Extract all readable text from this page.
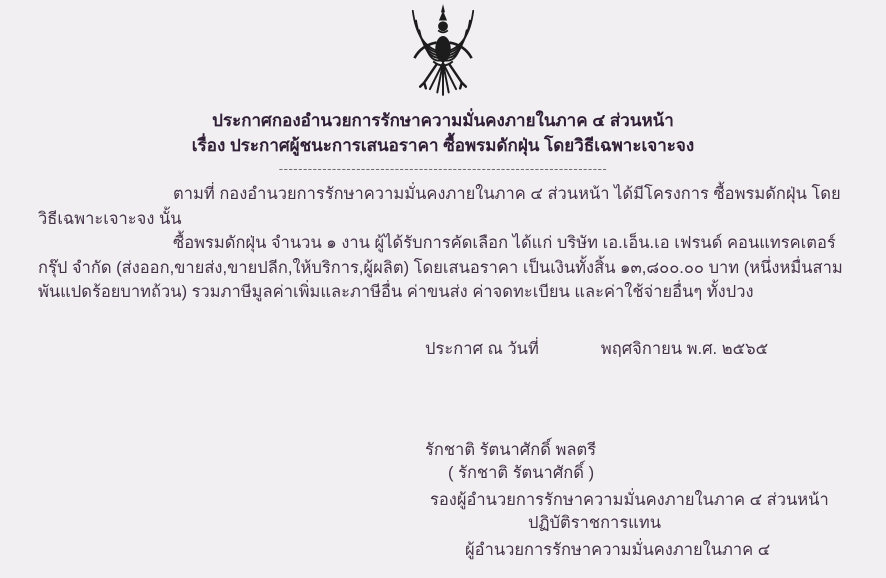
ประกาศกองอำนวยการรักษาความมั่นคงภายในภาค ๔ ส่วนหน้า
เรื่อง ประกาศผู้ชนะการเสนอราคา ซื้อพรมดักฝุ่น โดยวิธีเฉพาะเจาะจง
--------------------------------------------------------------------

ตามที่ กองอำนวยการรักษาความมั่นคงภายในภาค ๔ ส่วนหน้า ได้มีโครงการ ซื้อพรมดักฝุ่น โดยวิธีเฉพาะเจาะจง นั้น

ซื้อพรมดักฝุ่น จำนวน ๑ งาน ผู้ได้รับการคัดเลือก ได้แก่ บริษัท เอ.เอ็น.เอ เฟรนด์ คอนแทรคเตอร์ กรุ๊ป จำกัด (ส่งออก,ขายส่ง,ขายปลีก,ให้บริการ,ผู้ผลิต) โดยเสนอราคา เป็นเงินทั้งสิ้น ๑๓,๘๐๐.๐๐ บาท (หนึ่งหมื่นสามพันแปดร้อยบาทถ้วน) รวมภาษีมูลค่าเพิ่มและภาษีอื่น ค่าขนส่ง ค่าจดทะเบียน และค่าใช้จ่ายอื่นๆ ทั้งปวง

ประกาศ ณ วันที่	พฤศจิกายน พ.ศ. ๒๕๖๕
รักชาติ รัตนาศักดิ์ พลตรี
( รักชาติ รัตนาศักดิ์ )
รองผู้อำนวยการรักษาความมั่นคงภายในภาค ๔ ส่วนหน้า
ปฏิบัติราชการแทน
ผู้อำนวยการรักษาความมั่นคงภายในภาค ๔
